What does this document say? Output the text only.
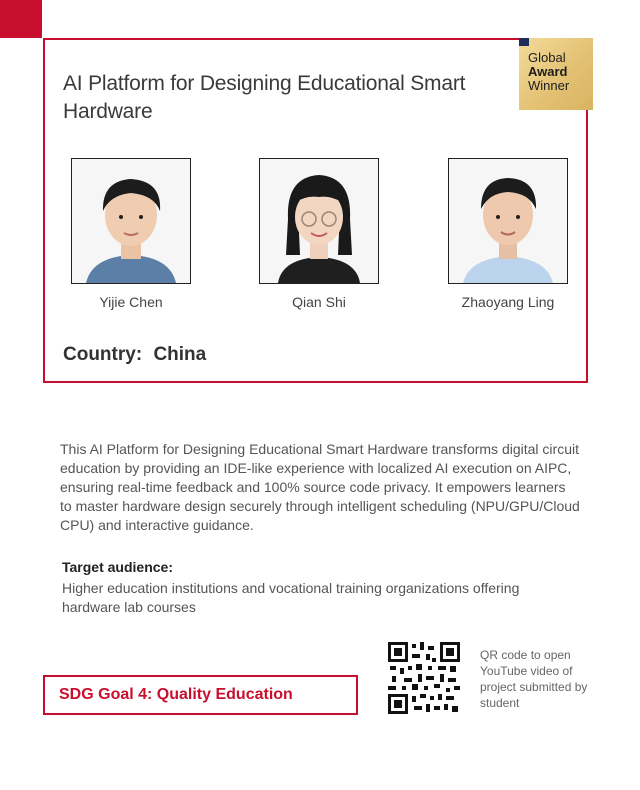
AI Platform for Designing Educational Smart Hardware
Global
Award
Winner
Yijie Chen	Qian Shi	Zhaoyang Ling
Country: China
This AI Platform for Designing Educational Smart Hardware transforms digital circuit education by providing an IDE-like experience with localized AI execution on AIPC, ensuring real-time feedback and 100% source code privacy. It empowers learners to master hardware design securely through intelligent scheduling (NPU/GPU/Cloud CPU) and interactive guidance.
Target audience:
Higher education institutions and vocational training organizations offering hardware lab courses
SDG Goal 4: Quality Education
QR code to open YouTube video of project submitted by student
